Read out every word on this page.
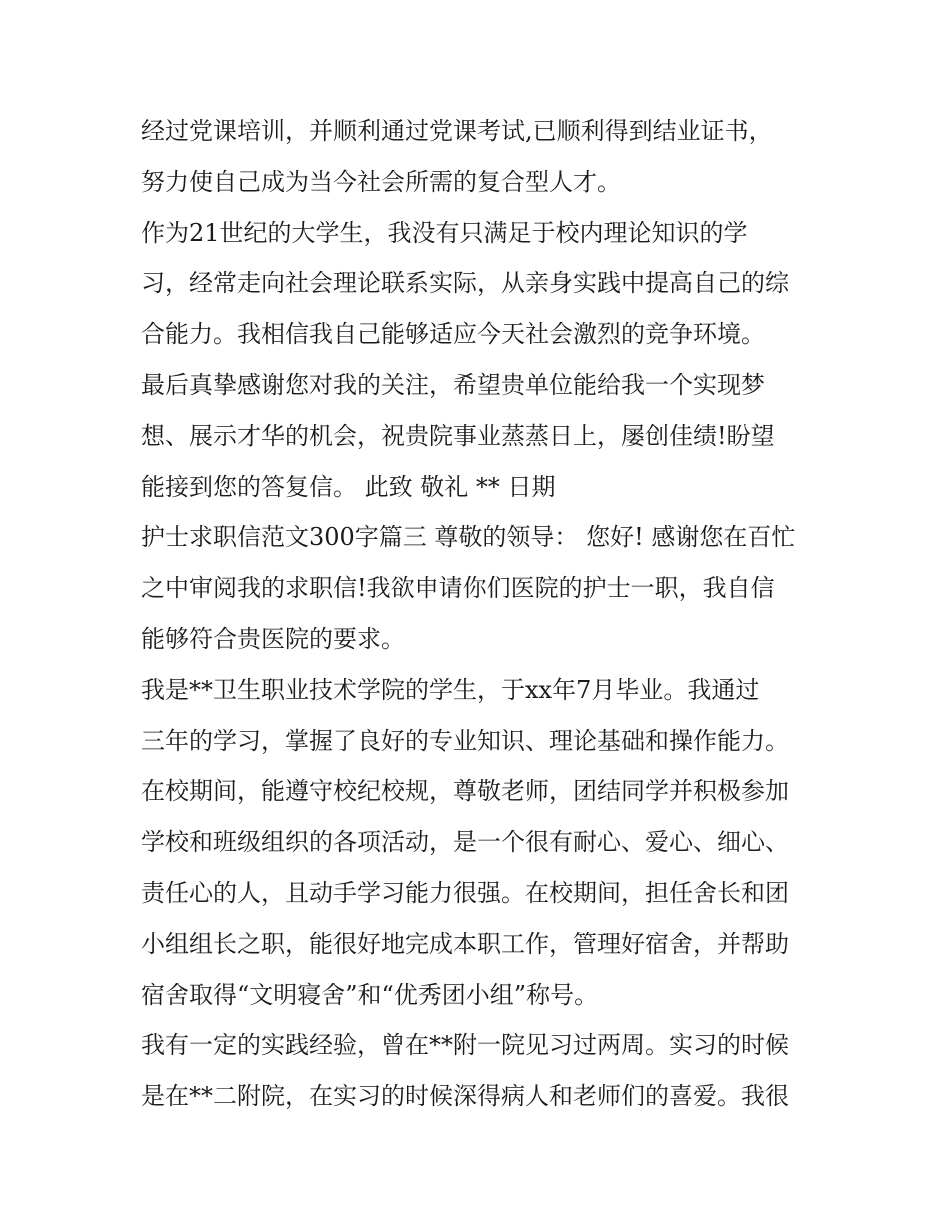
经过党课培训，并顺利通过党课考试,已顺利得到结业证书，
努力使自己成为当今社会所需的复合型人才。
作为21世纪的大学生，我没有只满足于校内理论知识的学
习，经常走向社会理论联系实际，从亲身实践中提高自己的综
合能力。我相信我自己能够适应今天社会激烈的竞争环境。
最后真挚感谢您对我的关注，希望贵单位能给我一个实现梦
想、展示才华的机会，祝贵院事业蒸蒸日上，屡创佳绩!盼望
能接到您的答复信。 此致 敬礼 ** 日期
护士求职信范文300字篇三 尊敬的领导： 您好! 感谢您在百忙
之中审阅我的求职信!我欲申请你们医院的护士一职，我自信
能够符合贵医院的要求。
我是**卫生职业技术学院的学生，于xx年7月毕业。我通过
三年的学习，掌握了良好的专业知识、理论基础和操作能力。
在校期间，能遵守校纪校规，尊敬老师，团结同学并积极参加
学校和班级组织的各项活动，是一个很有耐心、爱心、细心、
责任心的人，且动手学习能力很强。在校期间，担任舍长和团
小组组长之职，能很好地完成本职工作，管理好宿舍，并帮助
宿舍取得“文明寝舍”和“优秀团小组”称号。
我有一定的实践经验，曾在**附一院见习过两周。实习的时候
是在**二附院，在实习的时候深得病人和老师们的喜爱。我很
